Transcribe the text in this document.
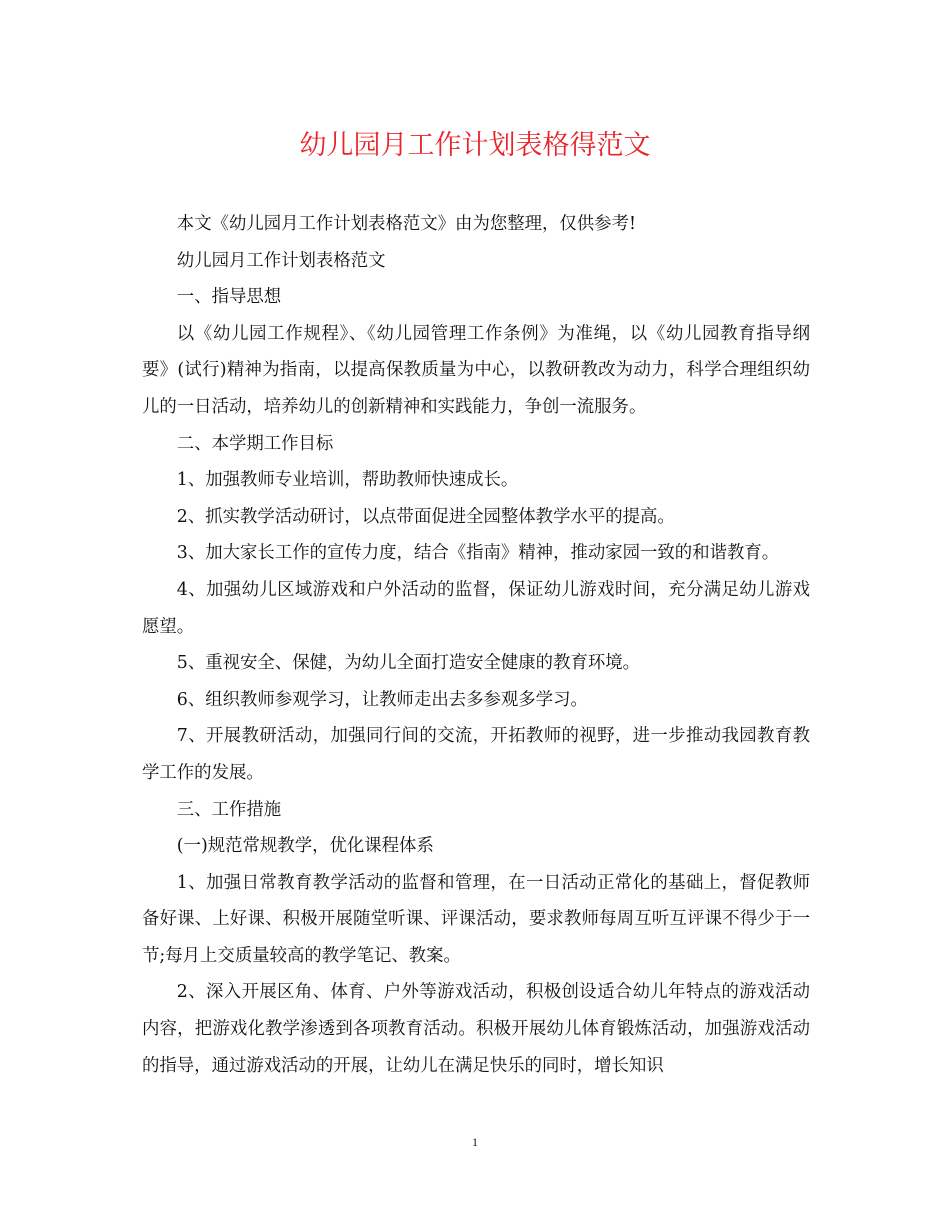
幼儿园月工作计划表格得范文

本文《幼儿园月工作计划表格范文》由为您整理，仅供参考!

幼儿园月工作计划表格范文

一、指导思想

以《幼儿园工作规程》、《幼儿园管理工作条例》为准绳，以《幼儿园教育指导纲要》(试行)精神为指南，以提高保教质量为中心，以教研教改为动力，科学合理组织幼儿的一日活动，培养幼儿的创新精神和实践能力，争创一流服务。

二、本学期工作目标

1、加强教师专业培训，帮助教师快速成长。

2、抓实教学活动研讨，以点带面促进全园整体教学水平的提高。

3、加大家长工作的宣传力度，结合《指南》精神，推动家园一致的和谐教育。

4、加强幼儿区域游戏和户外活动的监督，保证幼儿游戏时间，充分满足幼儿游戏愿望。

5、重视安全、保健，为幼儿全面打造安全健康的教育环境。

6、组织教师参观学习，让教师走出去多参观多学习。

7、开展教研活动，加强同行间的交流，开拓教师的视野，进一步推动我园教育教学工作的发展。

三、工作措施

(一)规范常规教学，优化课程体系

1、加强日常教育教学活动的监督和管理，在一日活动正常化的基础上，督促教师备好课、上好课、积极开展随堂听课、评课活动，要求教师每周互听互评课不得少于一节;每月上交质量较高的教学笔记、教案。

2、深入开展区角、体育、户外等游戏活动，积极创设适合幼儿年特点的游戏活动内容，把游戏化教学渗透到各项教育活动。积极开展幼儿体育锻炼活动，加强游戏活动的指导，通过游戏活动的开展，让幼儿在满足快乐的同时，增长知识

1
